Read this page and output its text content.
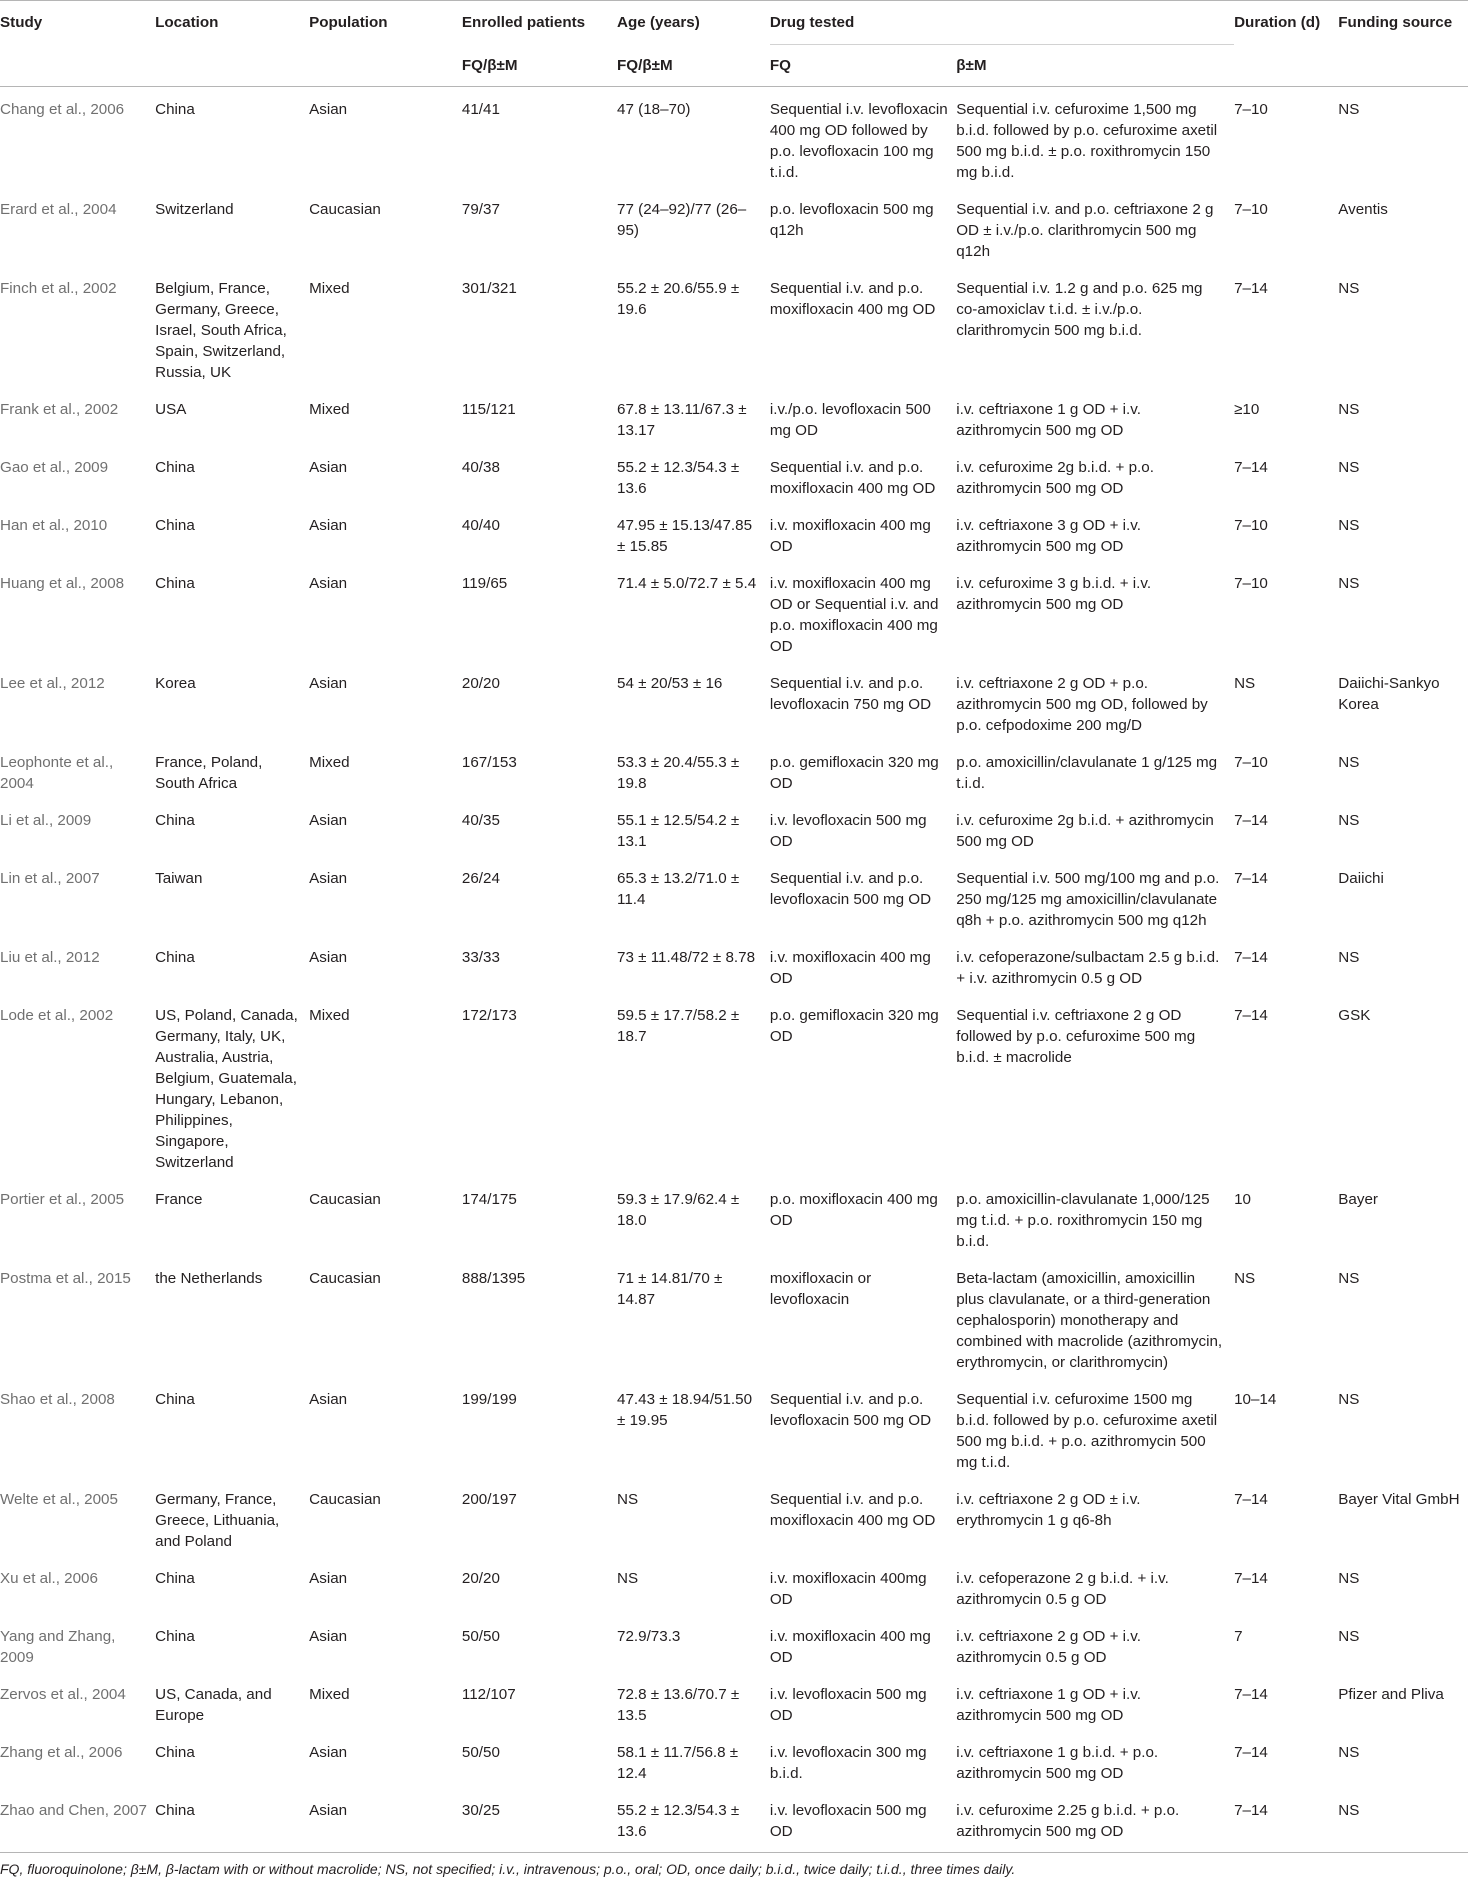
Study	Location	Population	Enrolled patients	Age (years)	Drug tested		Duration (d)	Funding source
			FQ/β±M	FQ/β±M	FQ	β±M		
Chang et al., 2006	China	Asian	41/41	47 (18–70)	Sequential i.v. levofloxacin 400 mg OD followed by p.o. levofloxacin 100 mg t.i.d.	Sequential i.v. cefuroxime 1,500 mg b.i.d. followed by p.o. cefuroxime axetil 500 mg b.i.d. ± p.o. roxithromycin 150 mg b.i.d.	7–10	NS
Erard et al., 2004	Switzerland	Caucasian	79/37	77 (24–92)/77 (26–95)	p.o. levofloxacin 500 mg q12h	Sequential i.v. and p.o. ceftriaxone 2 g OD ± i.v./p.o. clarithromycin 500 mg q12h	7–10	Aventis
Finch et al., 2002	Belgium, France, Germany, Greece, Israel, South Africa, Spain, Switzerland, Russia, UK	Mixed	301/321	55.2 ± 20.6/55.9 ± 19.6	Sequential i.v. and p.o. moxifloxacin 400 mg OD	Sequential i.v. 1.2 g and p.o. 625 mg co-amoxiclav t.i.d. ± i.v./p.o. clarithromycin 500 mg b.i.d.	7–14	NS
Frank et al., 2002	USA	Mixed	115/121	67.8 ± 13.11/67.3 ± 13.17	i.v./p.o. levofloxacin 500 mg OD	i.v. ceftriaxone 1 g OD + i.v. azithromycin 500 mg OD	≥10	NS
Gao et al., 2009	China	Asian	40/38	55.2 ± 12.3/54.3 ± 13.6	Sequential i.v. and p.o. moxifloxacin 400 mg OD	i.v. cefuroxime 2g b.i.d. + p.o. azithromycin 500 mg OD	7–14	NS
Han et al., 2010	China	Asian	40/40	47.95 ± 15.13/47.85 ± 15.85	i.v. moxifloxacin 400 mg OD	i.v. ceftriaxone 3 g OD + i.v. azithromycin 500 mg OD	7–10	NS
Huang et al., 2008	China	Asian	119/65	71.4 ± 5.0/72.7 ± 5.4	i.v. moxifloxacin 400 mg OD or Sequential i.v. and p.o. moxifloxacin 400 mg OD	i.v. cefuroxime 3 g b.i.d. + i.v. azithromycin 500 mg OD	7–10	NS
Lee et al., 2012	Korea	Asian	20/20	54 ± 20/53 ± 16	Sequential i.v. and p.o. levofloxacin 750 mg OD	i.v. ceftriaxone 2 g OD + p.o. azithromycin 500 mg OD, followed by p.o. cefpodoxime 200 mg/D	NS	Daiichi-Sankyo Korea
Leophonte et al., 2004	France, Poland, South Africa	Mixed	167/153	53.3 ± 20.4/55.3 ± 19.8	p.o. gemifloxacin 320 mg OD	p.o. amoxicillin/clavulanate 1 g/125 mg t.i.d.	7–10	NS
Li et al., 2009	China	Asian	40/35	55.1 ± 12.5/54.2 ± 13.1	i.v. levofloxacin 500 mg OD	i.v. cefuroxime 2g b.i.d. + azithromycin 500 mg OD	7–14	NS
Lin et al., 2007	Taiwan	Asian	26/24	65.3 ± 13.2/71.0 ± 11.4	Sequential i.v. and p.o. levofloxacin 500 mg OD	Sequential i.v. 500 mg/100 mg and p.o. 250 mg/125 mg amoxicillin/clavulanate q8h + p.o. azithromycin 500 mg q12h	7–14	Daiichi
Liu et al., 2012	China	Asian	33/33	73 ± 11.48/72 ± 8.78	i.v. moxifloxacin 400 mg OD	i.v. cefoperazone/sulbactam 2.5 g b.i.d. + i.v. azithromycin 0.5 g OD	7–14	NS
Lode et al., 2002	US, Poland, Canada, Germany, Italy, UK, Australia, Austria, Belgium, Guatemala, Hungary, Lebanon, Philippines, Singapore, Switzerland	Mixed	172/173	59.5 ± 17.7/58.2 ± 18.7	p.o. gemifloxacin 320 mg OD	Sequential i.v. ceftriaxone 2 g OD followed by p.o. cefuroxime 500 mg b.i.d. ± macrolide	7–14	GSK
Portier et al., 2005	France	Caucasian	174/175	59.3 ± 17.9/62.4 ± 18.0	p.o. moxifloxacin 400 mg OD	p.o. amoxicillin-clavulanate 1,000/125 mg t.i.d. + p.o. roxithromycin 150 mg b.i.d.	10	Bayer
Postma et al., 2015	the Netherlands	Caucasian	888/1395	71 ± 14.81/70 ± 14.87	moxifloxacin or levofloxacin	Beta-lactam (amoxicillin, amoxicillin plus clavulanate, or a third-generation cephalosporin) monotherapy and combined with macrolide (azithromycin, erythromycin, or clarithromycin)	NS	NS
Shao et al., 2008	China	Asian	199/199	47.43 ± 18.94/51.50 ± 19.95	Sequential i.v. and p.o. levofloxacin 500 mg OD	Sequential i.v. cefuroxime 1500 mg b.i.d. followed by p.o. cefuroxime axetil 500 mg b.i.d. + p.o. azithromycin 500 mg t.i.d.	10–14	NS
Welte et al., 2005	Germany, France, Greece, Lithuania, and Poland	Caucasian	200/197	NS	Sequential i.v. and p.o. moxifloxacin 400 mg OD	i.v. ceftriaxone 2 g OD ± i.v. erythromycin 1 g q6-8h	7–14	Bayer Vital GmbH
Xu et al., 2006	China	Asian	20/20	NS	i.v. moxifloxacin 400mg OD	i.v. cefoperazone 2 g b.i.d. + i.v. azithromycin 0.5 g OD	7–14	NS
Yang and Zhang, 2009	China	Asian	50/50	72.9/73.3	i.v. moxifloxacin 400 mg OD	i.v. ceftriaxone 2 g OD + i.v. azithromycin 0.5 g OD	7	NS
Zervos et al., 2004	US, Canada, and Europe	Mixed	112/107	72.8 ± 13.6/70.7 ± 13.5	i.v. levofloxacin 500 mg OD	i.v. ceftriaxone 1 g OD + i.v. azithromycin 500 mg OD	7–14	Pfizer and Pliva
Zhang et al., 2006	China	Asian	50/50	58.1 ± 11.7/56.8 ± 12.4	i.v. levofloxacin 300 mg b.i.d.	i.v. ceftriaxone 1 g b.i.d. + p.o. azithromycin 500 mg OD	7–14	NS
Zhao and Chen, 2007	China	Asian	30/25	55.2 ± 12.3/54.3 ± 13.6	i.v. levofloxacin 500 mg OD	i.v. cefuroxime 2.25 g b.i.d. + p.o. azithromycin 500 mg OD	7–14	NS
FQ, fluoroquinolone; β±M, β-lactam with or without macrolide; NS, not specified; i.v., intravenous; p.o., oral; OD, once daily; b.i.d., twice daily; t.i.d., three times daily.								
